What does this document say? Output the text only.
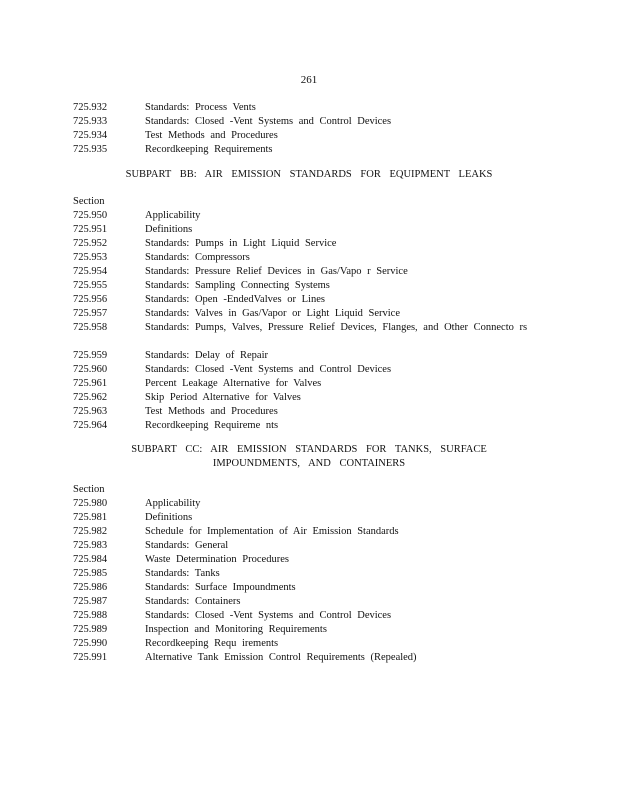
261
725.932	Standards: Process Vents
725.933	Standards: Closed -Vent Systems and Control Devices
725.934	Test Methods and Procedures
725.935	Recordkeeping Requirements
SUBPART BB: AIR EMISSION STANDARDS FOR EQUIPMENT LEAKS
Section
725.950	Applicability
725.951	Definitions
725.952	Standards: Pumps in Light Liquid Service
725.953	Standards: Compressors
725.954	Standards: Pressure Relief Devices in Gas/Vapo r Service
725.955	Standards: Sampling Connecting Systems
725.956	Standards: Open -EndedValves or Lines
725.957	Standards: Valves in Gas/Vapor or Light Liquid Service
725.958	Standards: Pumps, Valves, Pressure Relief Devices, Flanges, and Other Connecto rs
725.959	Standards: Delay of Repair
725.960	Standards: Closed -Vent Systems and Control Devices
725.961	Percent Leakage Alternative for Valves
725.962	Skip Period Alternative for Valves
725.963	Test Methods and Procedures
725.964	Recordkeeping Requireme nts
SUBPART CC: AIR EMISSION STANDARDS FOR TANKS, SURFACE
IMPOUNDMENTS, AND CONTAINERS
Section
725.980	Applicability
725.981	Definitions
725.982	Schedule for Implementation of Air Emission Standards
725.983	Standards: General
725.984	Waste Determination Procedures
725.985	Standards: Tanks
725.986	Standards: Surface Impoundments
725.987	Standards: Containers
725.988	Standards: Closed -Vent Systems and Control Devices
725.989	Inspection and Monitoring Requirements
725.990	Recordkeeping Requ irements
725.991	Alternative Tank Emission Control Requirements (Repealed)
